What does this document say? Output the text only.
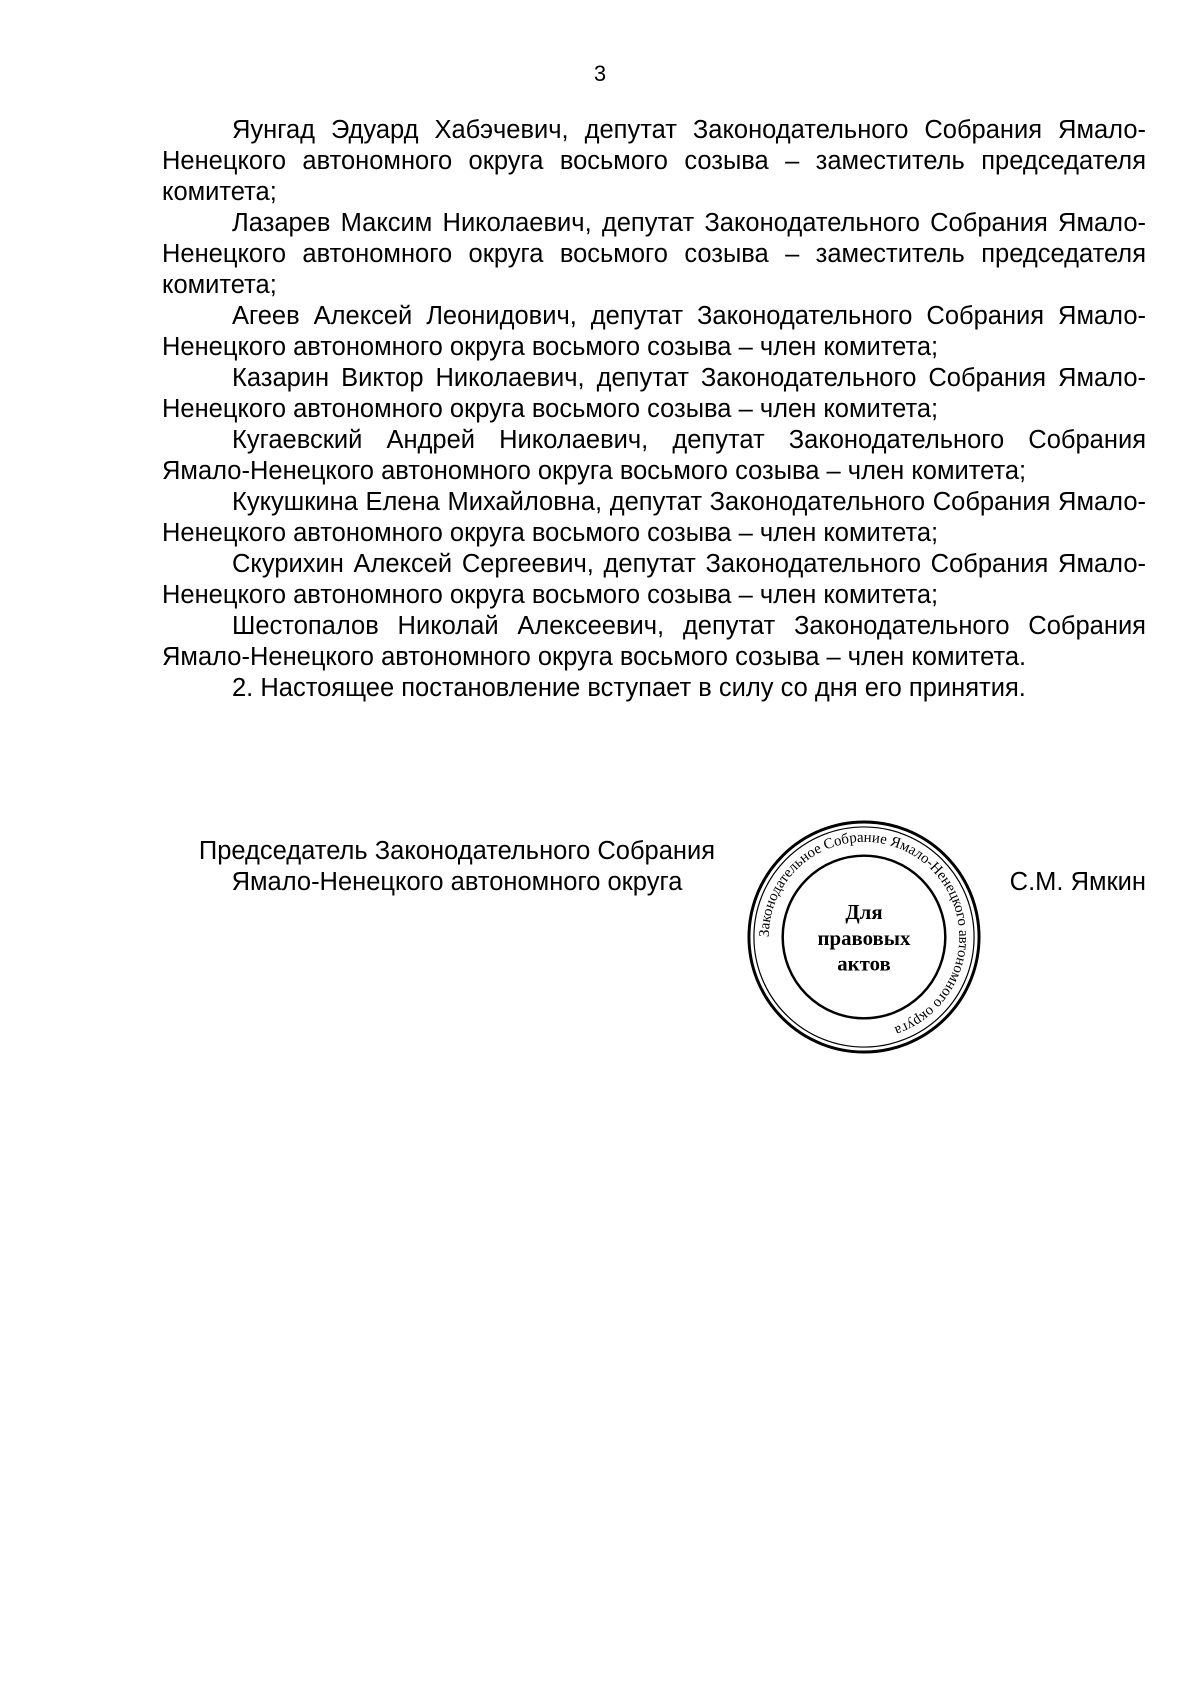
3

Яунгад Эдуард Хабэчевич, депутат Законодательного Собрания Ямало-Ненецкого автономного округа восьмого созыва – заместитель председателя комитета;

Лазарев Максим Николаевич, депутат Законодательного Собрания Ямало-Ненецкого автономного округа восьмого созыва – заместитель председателя комитета;

Агеев Алексей Леонидович, депутат Законодательного Собрания Ямало-Ненецкого автономного округа восьмого созыва – член комитета;

Казарин Виктор Николаевич, депутат Законодательного Собрания Ямало-Ненецкого автономного округа восьмого созыва – член комитета;

Кугаевский Андрей Николаевич, депутат Законодательного Собрания Ямало-Ненецкого автономного округа восьмого созыва – член комитета;

Кукушкина Елена Михайловна, депутат Законодательного Собрания Ямало-Ненецкого автономного округа восьмого созыва – член комитета;

Скурихин Алексей Сергеевич, депутат Законодательного Собрания Ямало-Ненецкого автономного округа восьмого созыва – член комитета;

Шестопалов Николай Алексеевич, депутат Законодательного Собрания Ямало-Ненецкого автономного округа восьмого созыва – член комитета.

2. Настоящее постановление вступает в силу со дня его принятия.

Председатель Законодательного Собрания
Ямало-Ненецкого автономного округа	С.М. Ямкин
Законодательное Собрание Ямало-Ненецкого автономного округа
Для
правовых
актов
